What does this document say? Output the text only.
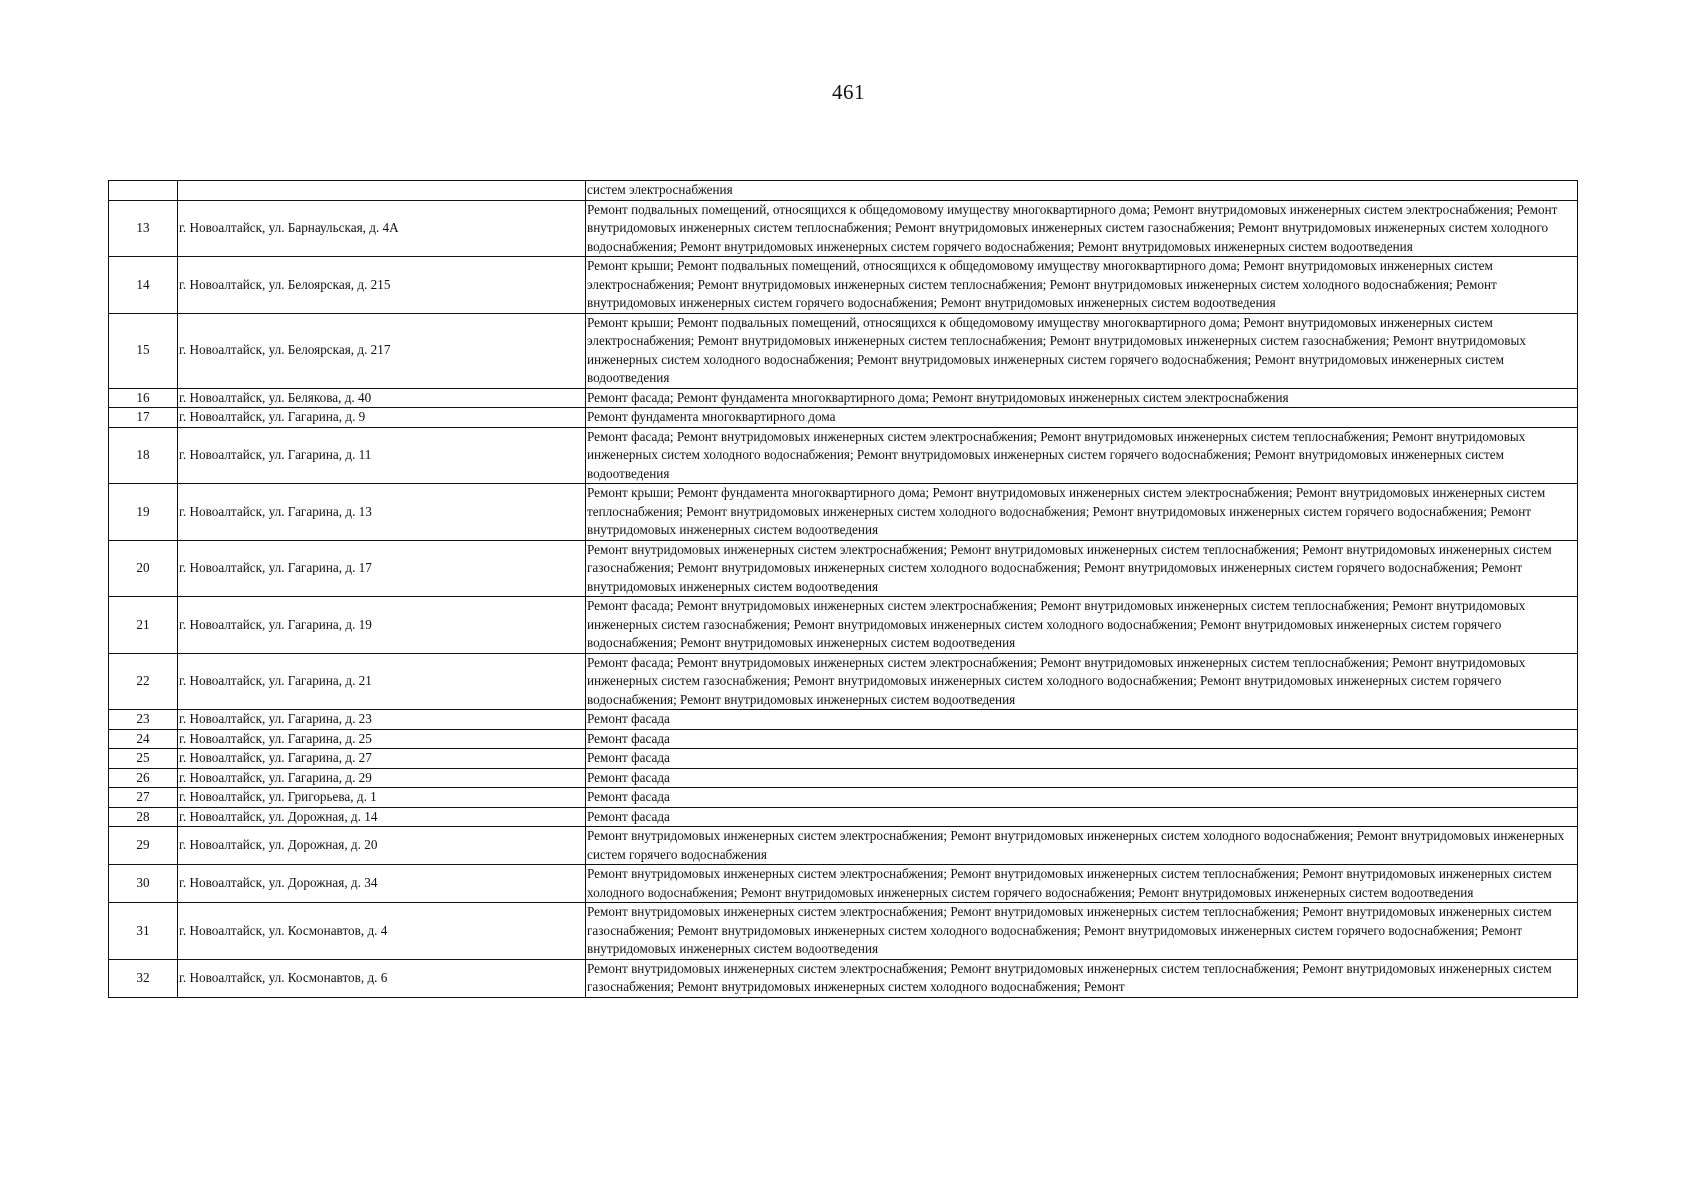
461
		систем электроснабжения
13	г. Новоалтайск, ул. Барнаульская, д. 4А	Ремонт подвальных помещений, относящихся к общедомовому имуществу многоквартирного дома; Ремонт внутридомовых инженерных систем электроснабжения; Ремонт внутридомовых инженерных систем теплоснабжения; Ремонт внутридомовых инженерных систем газоснабжения; Ремонт внутридомовых инженерных систем холодного водоснабжения; Ремонт внутридомовых инженерных систем горячего водоснабжения; Ремонт внутридомовых инженерных систем водоотведения
14	г. Новоалтайск, ул. Белоярская, д. 215	Ремонт крыши; Ремонт подвальных помещений, относящихся к общедомовому имуществу многоквартирного дома; Ремонт внутридомовых инженерных систем электроснабжения; Ремонт внутридомовых инженерных систем теплоснабжения; Ремонт внутридомовых инженерных систем холодного водоснабжения; Ремонт внутридомовых инженерных систем горячего водоснабжения; Ремонт внутридомовых инженерных систем водоотведения
15	г. Новоалтайск, ул. Белоярская, д. 217	Ремонт крыши; Ремонт подвальных помещений, относящихся к общедомовому имуществу многоквартирного дома; Ремонт внутридомовых инженерных систем электроснабжения; Ремонт внутридомовых инженерных систем теплоснабжения; Ремонт внутридомовых инженерных систем газоснабжения; Ремонт внутридомовых инженерных систем холодного водоснабжения; Ремонт внутридомовых инженерных систем горячего водоснабжения; Ремонт внутридомовых инженерных систем водоотведения
16	г. Новоалтайск, ул. Белякова, д. 40	Ремонт фасада; Ремонт фундамента многоквартирного дома; Ремонт внутридомовых инженерных систем электроснабжения
17	г. Новоалтайск, ул. Гагарина, д. 9	Ремонт фундамента многоквартирного дома
18	г. Новоалтайск, ул. Гагарина, д. 11	Ремонт фасада; Ремонт внутридомовых инженерных систем электроснабжения; Ремонт внутридомовых инженерных систем теплоснабжения; Ремонт внутридомовых инженерных систем холодного водоснабжения; Ремонт внутридомовых инженерных систем горячего водоснабжения; Ремонт внутридомовых инженерных систем водоотведения
19	г. Новоалтайск, ул. Гагарина, д. 13	Ремонт крыши; Ремонт фундамента многоквартирного дома; Ремонт внутридомовых инженерных систем электроснабжения; Ремонт внутридомовых инженерных систем теплоснабжения; Ремонт внутридомовых инженерных систем холодного водоснабжения; Ремонт внутридомовых инженерных систем горячего водоснабжения; Ремонт внутридомовых инженерных систем водоотведения
20	г. Новоалтайск, ул. Гагарина, д. 17	Ремонт внутридомовых инженерных систем электроснабжения; Ремонт внутридомовых инженерных систем теплоснабжения; Ремонт внутридомовых инженерных систем газоснабжения; Ремонт внутридомовых инженерных систем холодного водоснабжения; Ремонт внутридомовых инженерных систем горячего водоснабжения; Ремонт внутридомовых инженерных систем водоотведения
21	г. Новоалтайск, ул. Гагарина, д. 19	Ремонт фасада; Ремонт внутридомовых инженерных систем электроснабжения; Ремонт внутридомовых инженерных систем теплоснабжения; Ремонт внутридомовых инженерных систем газоснабжения; Ремонт внутридомовых инженерных систем холодного водоснабжения; Ремонт внутридомовых инженерных систем горячего водоснабжения; Ремонт внутридомовых инженерных систем водоотведения
22	г. Новоалтайск, ул. Гагарина, д. 21	Ремонт фасада; Ремонт внутридомовых инженерных систем электроснабжения; Ремонт внутридомовых инженерных систем теплоснабжения; Ремонт внутридомовых инженерных систем газоснабжения; Ремонт внутридомовых инженерных систем холодного водоснабжения; Ремонт внутридомовых инженерных систем горячего водоснабжения; Ремонт внутридомовых инженерных систем водоотведения
23	г. Новоалтайск, ул. Гагарина, д. 23	Ремонт фасада
24	г. Новоалтайск, ул. Гагарина, д. 25	Ремонт фасада
25	г. Новоалтайск, ул. Гагарина, д. 27	Ремонт фасада
26	г. Новоалтайск, ул. Гагарина, д. 29	Ремонт фасада
27	г. Новоалтайск, ул. Григорьева, д. 1	Ремонт фасада
28	г. Новоалтайск, ул. Дорожная, д. 14	Ремонт фасада
29	г. Новоалтайск, ул. Дорожная, д. 20	Ремонт внутридомовых инженерных систем электроснабжения; Ремонт внутридомовых инженерных систем холодного водоснабжения; Ремонт внутридомовых инженерных систем горячего водоснабжения
30	г. Новоалтайск, ул. Дорожная, д. 34	Ремонт внутридомовых инженерных систем электроснабжения; Ремонт внутридомовых инженерных систем теплоснабжения; Ремонт внутридомовых инженерных систем холодного водоснабжения; Ремонт внутридомовых инженерных систем горячего водоснабжения; Ремонт внутридомовых инженерных систем водоотведения
31	г. Новоалтайск, ул. Космонавтов, д. 4	Ремонт внутридомовых инженерных систем электроснабжения; Ремонт внутридомовых инженерных систем теплоснабжения; Ремонт внутридомовых инженерных систем газоснабжения; Ремонт внутридомовых инженерных систем холодного водоснабжения; Ремонт внутридомовых инженерных систем горячего водоснабжения; Ремонт внутридомовых инженерных систем водоотведения
32	г. Новоалтайск, ул. Космонавтов, д. 6	Ремонт внутридомовых инженерных систем электроснабжения; Ремонт внутридомовых инженерных систем теплоснабжения; Ремонт внутридомовых инженерных систем газоснабжения; Ремонт внутридомовых инженерных систем холодного водоснабжения; Ремонт
